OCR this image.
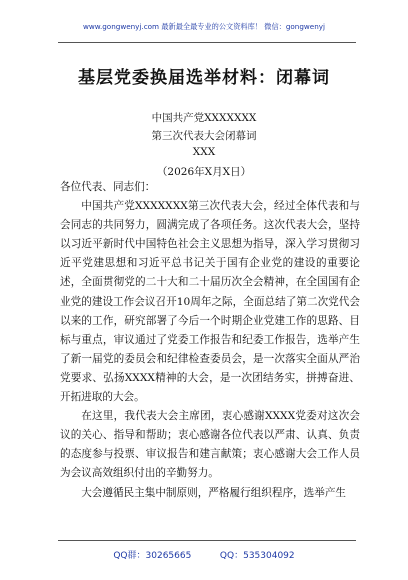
www.gongwenyj.com 最新最全最专业的公文资料库！ 微信：gongwenyj
基层党委换届选举材料：闭幕词
中国共产党XXXXXXX
第三次代表大会闭幕词
XXX
（2026年X月X日）

各位代表、同志们：

中国共产党XXXXXXX第三次代表大会，经过全体代表和与会同志的共同努力，圆满完成了各项任务。这次代表大会，坚持以习近平新时代中国特色社会主义思想为指导，深入学习贯彻习近平党建思想和习近平总书记关于国有企业党的建设的重要论述，全面贯彻党的二十大和二十届历次全会精神，在全国国有企业党的建设工作会议召开10周年之际，全面总结了第二次党代会以来的工作，研究部署了今后一个时期企业党建工作的思路、目标与重点，审议通过了党委工作报告和纪委工作报告，选举产生了新一届党的委员会和纪律检查委员会，是一次落实全面从严治党要求、弘扬XXXX精神的大会，是一次团结务实，拼搏奋进、开拓进取的大会。

在这里，我代表大会主席团，衷心感谢XXXX党委对这次会议的关心、指导和帮助；衷心感谢各位代表以严肃、认真、负责的态度参与投票、审议报告和建言献策；衷心感谢大会工作人员为会议高效组织付出的辛勤努力。

大会遵循民主集中制原则，严格履行组织程序，选举产生

QQ群：30265665          QQ：535304092
